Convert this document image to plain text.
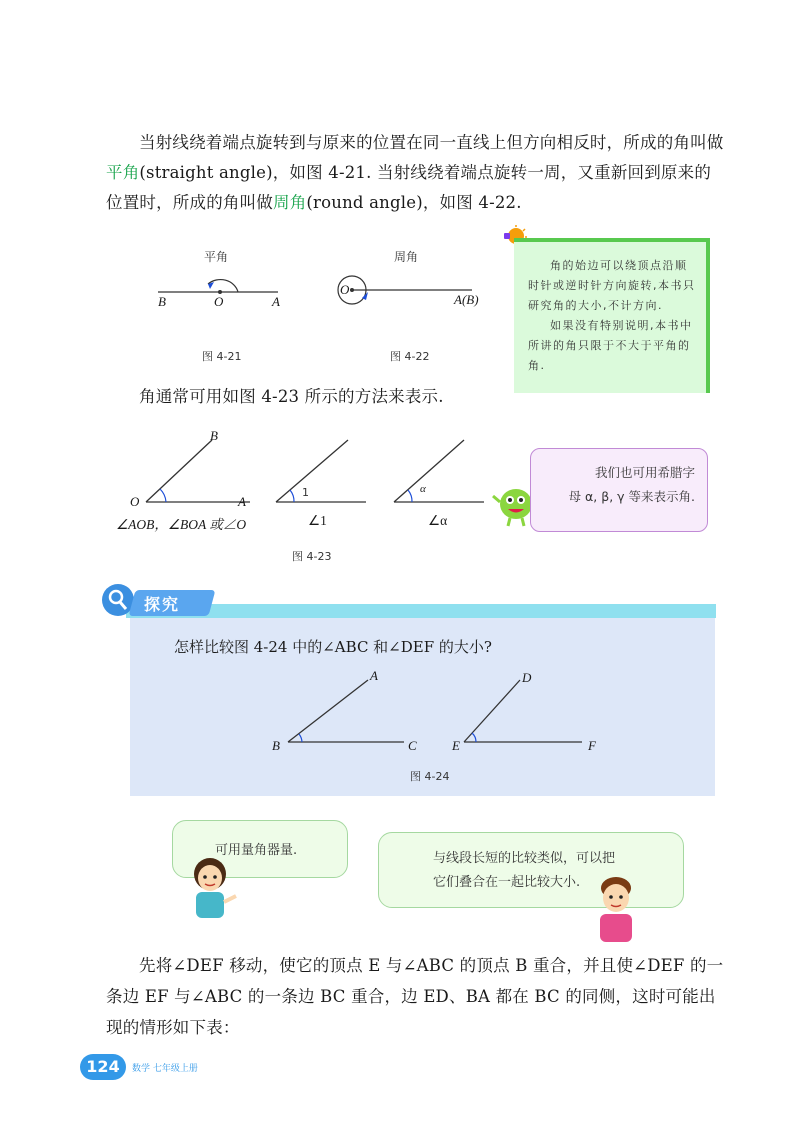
当射线绕着端点旋转到与原来的位置在同一直线上但方向相反时，所成的角叫做平角(straight angle)，如图 4-21. 当射线绕着端点旋转一周，又重新回到原来的位置时，所成的角叫做周角(round angle)，如图 4-22.
平角
B	O	A
图 4-21
周角
O
A(B)
图 4-22

角的始边可以绕顶点沿顺时针或逆时针方向旋转,本书只研究角的大小,不计方向.

如果没有特别说明,本书中所讲的角只限于不大于平角的角.

角通常可用如图 4-23 所示的方法来表示.
B
O	A
1	α
∠AOB，∠BOA 或∠O	∠1	∠α
图 4-23
我们也可用希腊字
母 α, β, γ 等来表示角.
探究
怎样比较图 4-24 中的∠ABC 和∠DEF 的大小?
A
B	C
D
E	F
图 4-24
可用量角器量.
与线段长短的比较类似，可以把
它们叠合在一起比较大小.
先将∠DEF 移动，使它的顶点 E 与∠ABC 的顶点 B 重合，并且使∠DEF 的一条边 EF 与∠ABC 的一条边 BC 重合，边 ED、BA 都在 BC 的同侧，这时可能出现的情形如下表：
124	数学 七年级上册
